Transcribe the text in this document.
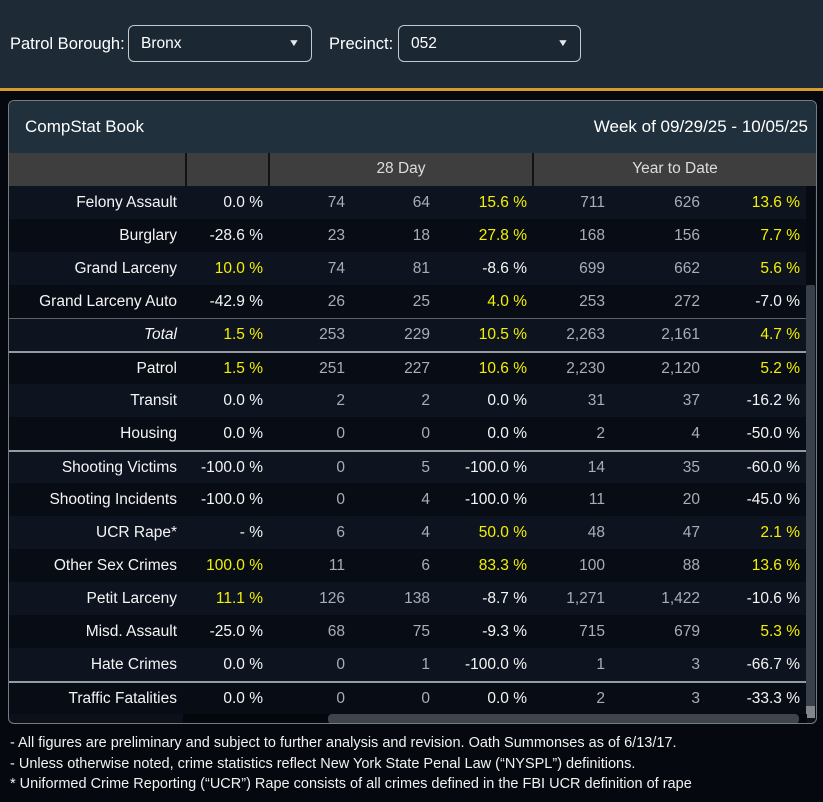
Patrol Borough: Bronx	▼ Precinct: 052	▼
CompStat Book	Week of 09/29/25 - 10/05/25
28 Day	Year to Date
Felony Assault	0.0 %	74	64	15.6 %	711	626	13.6 %
Burglary	-28.6 %	23	18	27.8 %	168	156	7.7 %
Grand Larceny	10.0 %	74	81	-8.6 %	699	662	5.6 %
Grand Larceny Auto	-42.9 %	26	25	4.0 %	253	272	-7.0 %
Total	1.5 %	253	229	10.5 %	2,263	2,161	4.7 %
Patrol	1.5 %	251	227	10.6 %	2,230	2,120	5.2 %
Transit	0.0 %	2	2	0.0 %	31	37	-16.2 %
Housing	0.0 %	0	0	0.0 %	2	4	-50.0 %
Shooting Victims	-100.0 %	0	5	-100.0 %	14	35	-60.0 %
Shooting Incidents	-100.0 %	0	4	-100.0 %	11	20	-45.0 %
UCR Rape*	- %	6	4	50.0 %	48	47	2.1 %
Other Sex Crimes	100.0 %	11	6	83.3 %	100	88	13.6 %
Petit Larceny	11.1 %	126	138	-8.7 %	1,271	1,422	-10.6 %
Misd. Assault	-25.0 %	68	75	-9.3 %	715	679	5.3 %
Hate Crimes	0.0 %	0	1	-100.0 %	1	3	-66.7 %
Traffic Fatalities	0.0 %	0	0	0.0 %	2	3	-33.3 %
- All figures are preliminary and subject to further analysis and revision. Oath Summonses as of 6/13/17.
- Unless otherwise noted, crime statistics reflect New York State Penal Law (“NYSPL”) definitions.
* Uniformed Crime Reporting (“UCR”) Rape consists of all crimes defined in the FBI UCR definition of rape
